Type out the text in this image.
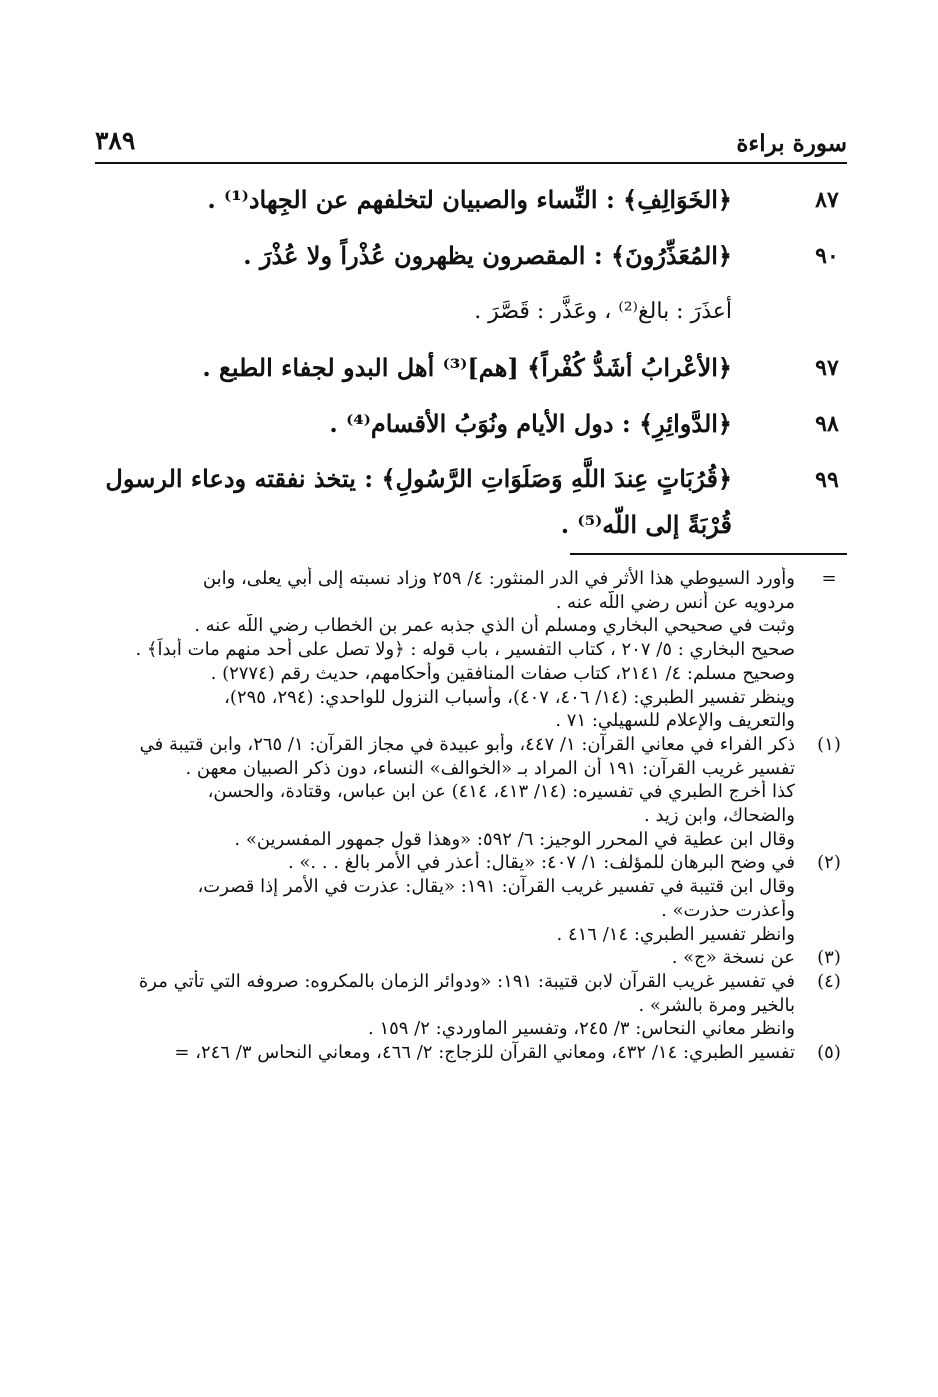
سورة براءة
٣٨٩
٨٧
﴿الخَوَالِفِ﴾ : النِّساء والصبيان لتخلفهم عن الجِهاد⁽¹⁾ .
٩٠
﴿المُعَذِّرُونَ﴾ : المقصرون يظهرون عُذْراً ولا عُذْرَ .
أعذَرَ : بالغ⁽²⁾ ، وعَذَّر : قَصَّرَ .
٩٧
﴿الأعْرابُ أشَدُّ كُفْراً﴾ [هم]⁽³⁾ أهل البدو لجفاء الطبع .
٩٨
﴿الدَّوائِرِ﴾ : دول الأيام ونُوَبُ الأقسام⁽⁴⁾ .
٩٩
﴿قُرُبَاتٍ عِندَ اللَّهِ وَصَلَوَاتِ الرَّسُولِ﴾ : يتخذ نفقته ودعاء الرسول قُرْبَةً إلى اللّه⁽⁵⁾ .
=
وأورد السيوطي هذا الأثر في الدر المنثور: ٤/ ٢٥٩ وزاد نسبته إلى أبي يعلى، وابن
مردويه عن أنس رضي اللّه عنه .
وثبت في صحيحي البخاري ومسلم أن الذي جذبه عمر بن الخطاب رضي اللّه عنه .
صحيح البخاري : ٥/ ٢٠٧ ، كتاب التفسير ، باب قوله : ﴿ولا تصل على أحد منهم مات أبداً﴾ .
وصحيح مسلم: ٤/ ٢١٤١، كتاب صفات المنافقين وأحكامهم، حديث رقم (٢٧٧٤) .
وينظر تفسير الطبري: (١٤/ ٤٠٦، ٤٠٧)، وأسباب النزول للواحدي: (٢٩٤، ٢٩٥)،
والتعريف والإعلام للسهيلي: ٧١ .
(١)
ذكر الفراء في معاني القرآن: ١/ ٤٤٧، وأبو عبيدة في مجاز القرآن: ١/ ٢٦٥، وابن قتيبة في
تفسير غريب القرآن: ١٩١ أن المراد بـ «الخوالف» النساء، دون ذكر الصبيان معهن .
كذا أخرج الطبري في تفسيره: (١٤/ ٤١٣، ٤١٤) عن ابن عباس، وقتادة، والحسن،
والضحاك، وابن زيد .
وقال ابن عطية في المحرر الوجيز: ٦/ ٥٩٢: «وهذا قول جمهور المفسرين» .
(٢)
في وضح البرهان للمؤلف: ١/ ٤٠٧: «يقال: أعذر في الأمر بالغ . . .» .
وقال ابن قتيبة في تفسير غريب القرآن: ١٩١: «يقال: عذرت في الأمر إذا قصرت،
وأعذرت حذرت» .
وانظر تفسير الطبري: ١٤/ ٤١٦ .
(٣)
عن نسخة «ج» .
(٤)
في تفسير غريب القرآن لابن قتيبة: ١٩١: «ودوائر الزمان بالمكروه: صروفه التي تأتي مرة
بالخير ومرة بالشر» .
وانظر معاني النحاس: ٣/ ٢٤٥، وتفسير الماوردي: ٢/ ١٥٩ .
(٥)
تفسير الطبري: ١٤/ ٤٣٢، ومعاني القرآن للزجاج: ٢/ ٤٦٦، ومعاني النحاس ٣/ ٢٤٦، =
